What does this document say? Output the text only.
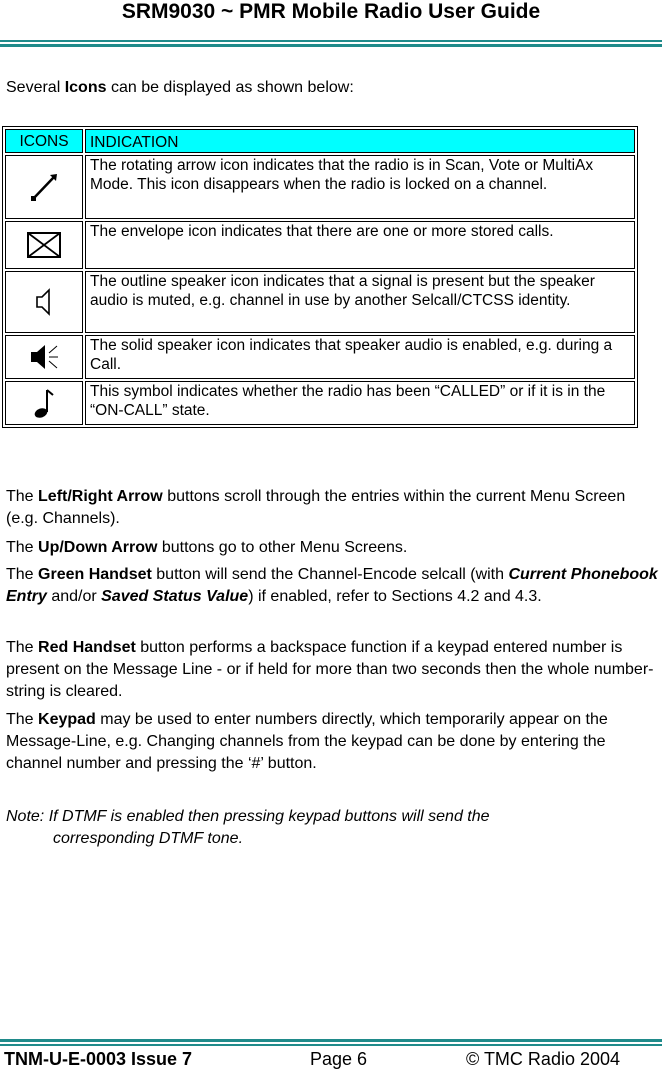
SRM9030 ~ PMR Mobile Radio User Guide
Several Icons can be displayed as shown below:
ICONS	INDICATION

	The rotating arrow icon indicates that the radio is in Scan, Vote or MultiAx Mode. This icon disappears when the radio is locked on a channel.

	The envelope icon indicates that there are one or more stored calls.

	The outline speaker icon indicates that a signal is present but the speaker audio is muted, e.g. channel in use by another Selcall/CTCSS identity.

	The solid speaker icon indicates that speaker audio is enabled, e.g. during a Call.

	This symbol indicates whether the radio has been “CALLED” or if it is in the “ON-CALL” state.
The Left/Right Arrow buttons scroll through the entries within the current Menu Screen (e.g. Channels).
The Up/Down Arrow buttons go to other Menu Screens.
The Green Handset button will send the Channel-Encode selcall (with Current Phonebook Entry and/or Saved Status Value) if enabled, refer to Sections 4.2 and 4.3.
The Red Handset button performs a backspace function if a keypad entered number is present on the Message Line - or if held for more than two seconds then the whole number-string is cleared.
The Keypad may be used to enter numbers directly, which temporarily appear on the Message-Line, e.g. Changing channels from the keypad can be done by entering the channel number and pressing the ‘#’ button.
Note: If DTMF is enabled then pressing keypad buttons will send the
corresponding DTMF tone.
TNM-U-E-0003 Issue 7	Page 6	© TMC Radio 2004
